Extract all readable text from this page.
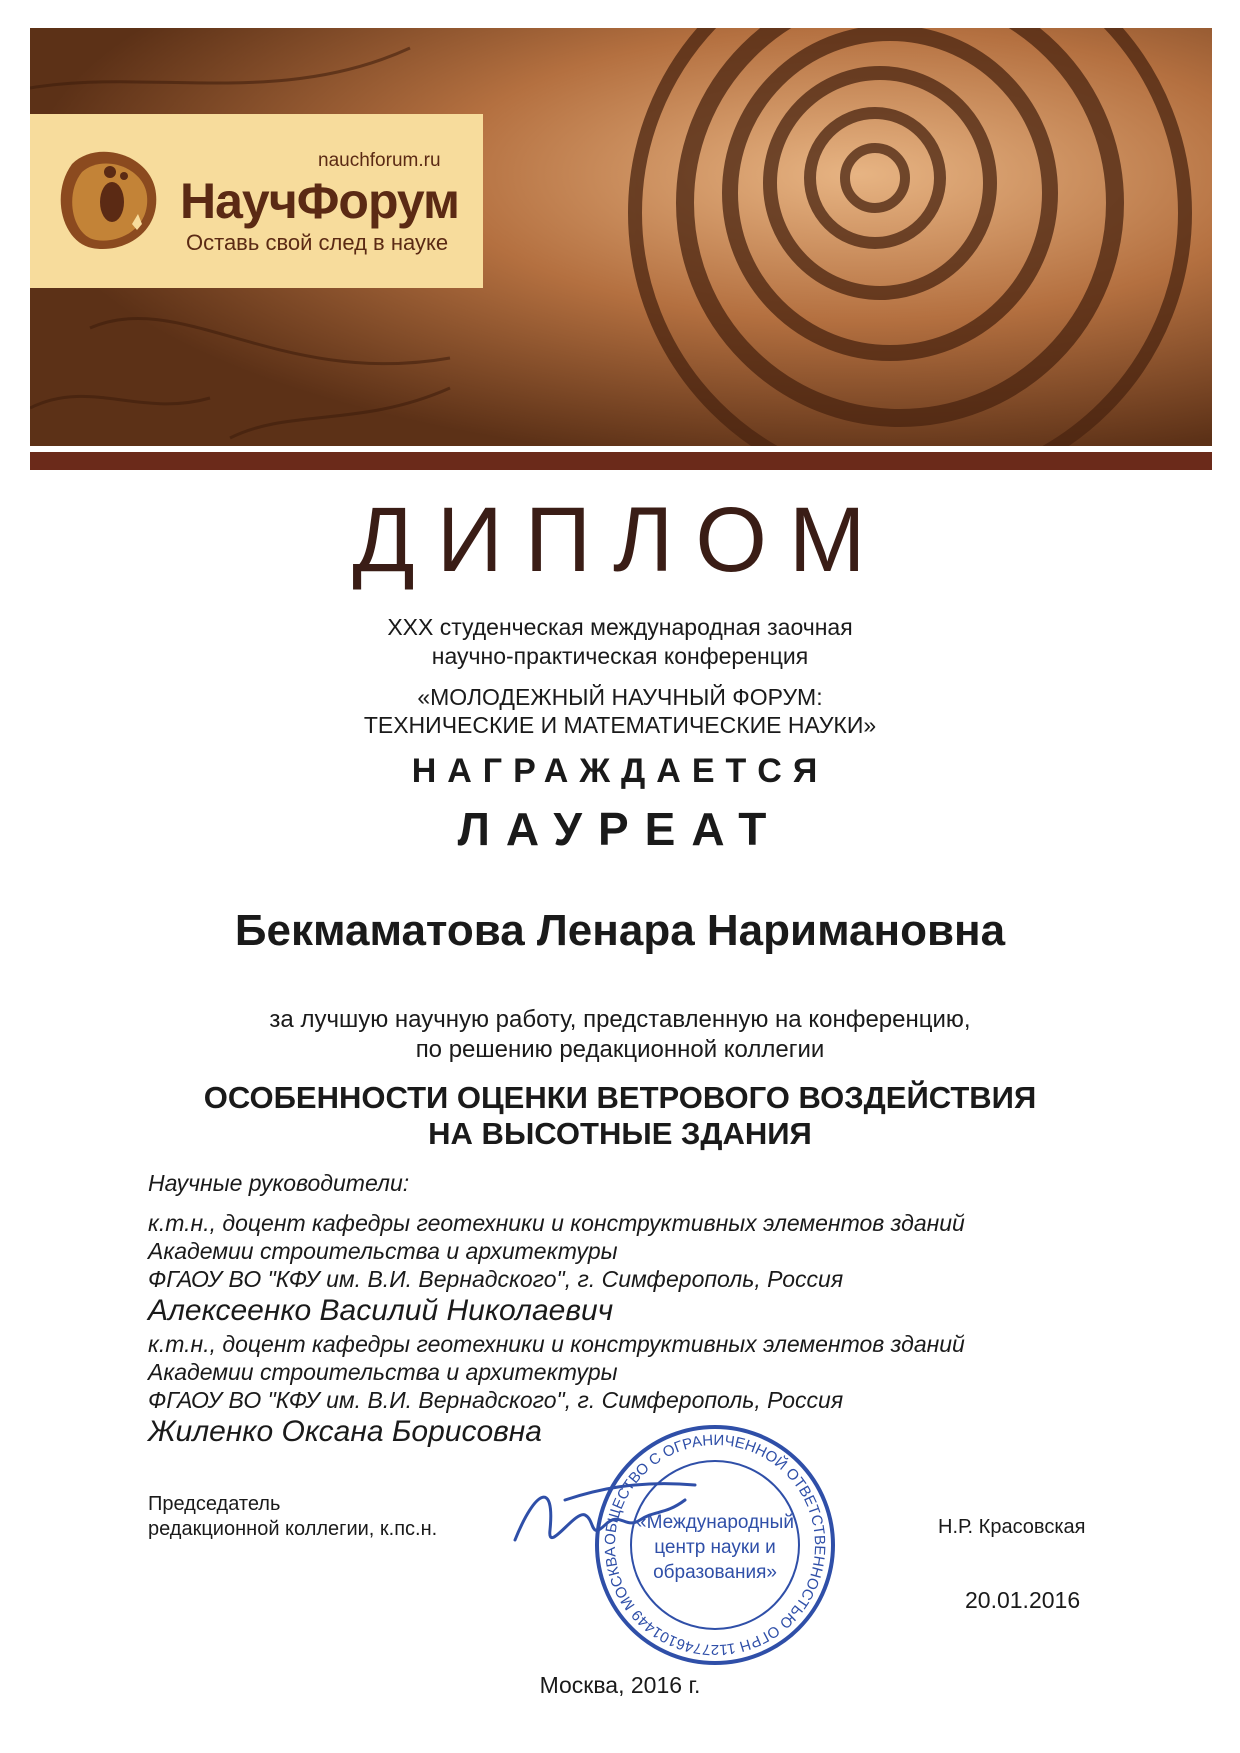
nauchforum.ru
НаучФорум
Оставь свой след в науке
ДИПЛОМ
XXX студенческая международная заочная
научно-практическая конференция
«МОЛОДЕЖНЫЙ НАУЧНЫЙ ФОРУМ:
ТЕХНИЧЕСКИЕ И МАТЕМАТИЧЕСКИЕ НАУКИ»
НАГРАЖДАЕТСЯ
ЛАУРЕАТ
Бекмаматова Ленара Наримановна
за лучшую научную работу, представленную на конференцию,
по решению редакционной коллегии
ОСОБЕННОСТИ ОЦЕНКИ ВЕТРОВОГО ВОЗДЕЙСТВИЯ
НА ВЫСОТНЫЕ ЗДАНИЯ
Научные руководители:
к.т.н., доцент кафедры геотехники и конструктивных элементов зданий
Академии строительства и архитектуры
ФГАОУ ВО "КФУ им. В.И. Вернадского", г. Симферополь, Россия
Алексеенко Василий Николаевич
к.т.н., доцент кафедры геотехники и конструктивных элементов зданий
Академии строительства и архитектуры
ФГАОУ ВО "КФУ им. В.И. Вернадского", г. Симферополь, Россия
Жиленко Оксана Борисовна
Председатель
редакционной коллегии, к.пс.н.	ОБЩЕСТВО С ОГРАНИЧЕННОЙ ОТВЕТСТВЕННОСТЬЮ ОГРН 1127746101449 МОСКВА
«Международный
центр науки и
образования»
Н.Р. Красовская
20.01.2016
Москва, 2016 г.
